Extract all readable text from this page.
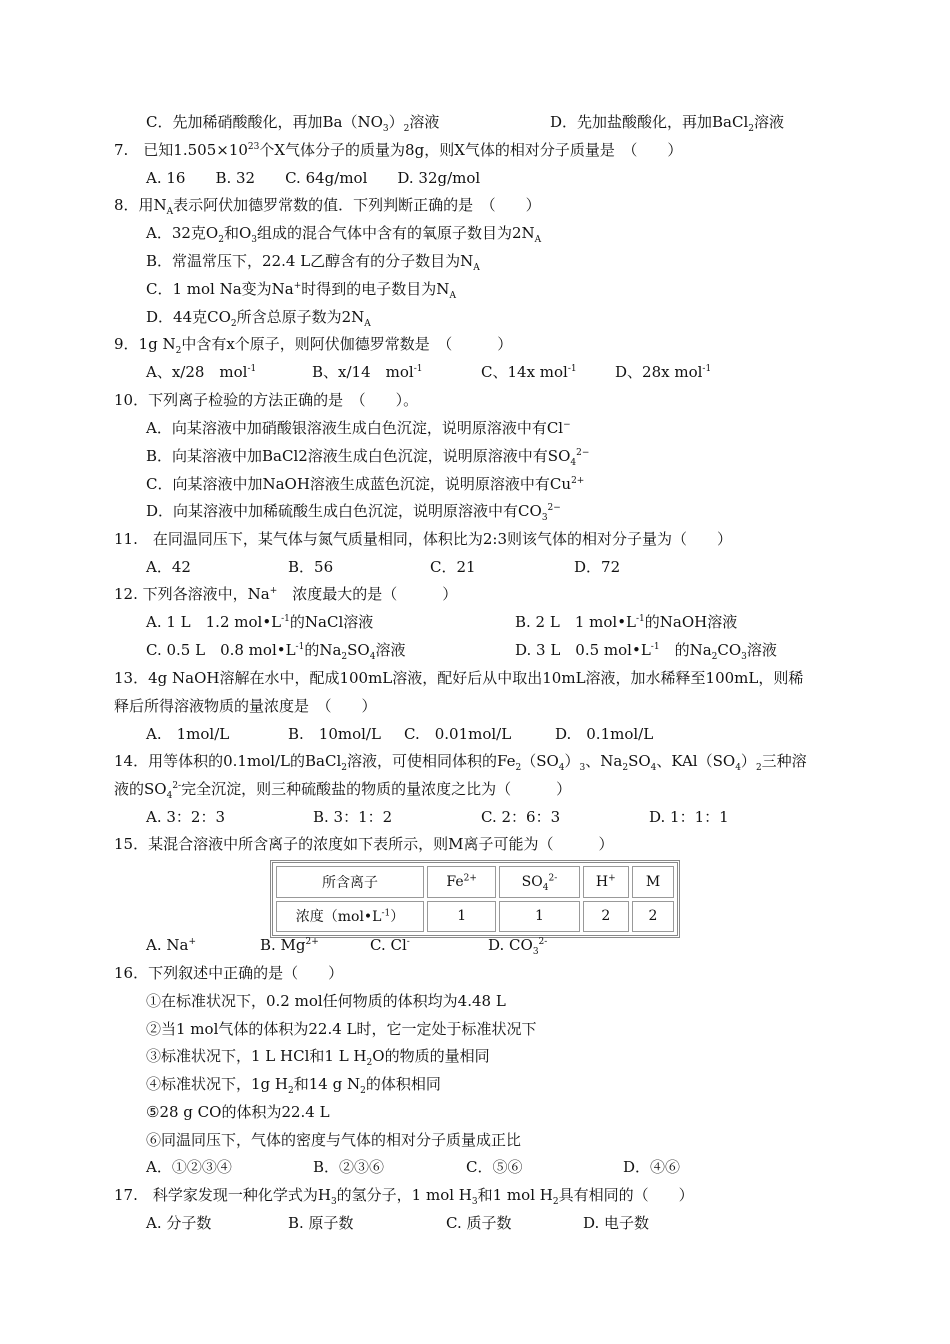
C．先加稀硝酸酸化，再加$Ba(NO_3)_2$溶液	D．先加盐酸酸化，再加BaCl$_2$溶液
7.　已知$1.505\times 10^{23}$个X气体分子的质量为8g，则X气体的相对分子质量是　（　　）
A. 16　　B. 32　　C. 64g/mol　　D. 32g/mol
8．用$N_A$表示阿伏加德罗常数的值．下列判断正确的是　（　　）
A．32克$O_2$和$O_3$组成的混合气体中含有的氧原子数目为$2N_A$
B．常温常压下，22.4 L乙醇含有的分子数目为$N_A$
C．1 mol Na变为Na+时得到的电子数目为$N_A$
D．44克$CO_2$所含总原子数为$2N_A$
9．1g $N_2$中含有x个原子，则阿伏伽德罗常数是　（　　　）
A、x/28　mol$^{-1}$	B、x/14　mol$^{-1}$	C、14x mol$^{-1}$	D、28x mol$^{-1}$
10．下列离子检验的方法正确的是　（　　）。
A．向某溶液中加硝酸银溶液生成白色沉淀，说明原溶液中有Cl−
B．向某溶液中加BaCl2溶液生成白色沉淀，说明原溶液中有$SO_4^{2-}$
C．向某溶液中加NaOH溶液生成蓝色沉淀，说明原溶液中有$Cu^{2+}$
D．向某溶液中加稀硫酸生成白色沉淀，说明原溶液中有$CO_3^{2-}$
11.　在同温同压下，某气体与氮气质量相同，体积比为2:3则该气体的相对分子量为（　　）
A．42	B．56	C．21	D．72
12. 下列各溶液中，Na+　浓度最大的是（　　　）
A. 1 L　1.2 $mol•L^{-1}$的NaCl溶液	B. 2 L　1 $mol•L^{-1}$的NaOH溶液
C. 0.5 L　0.8 $mol•L^{-1}$的$Na_2SO_4$溶液	D. 3 L　0.5 $mol•L^{-1}$　的$Na_2CO_3$溶液
13．4g NaOH溶解在水中，配成100mL溶液，配好后从中取出10mL溶液，加水稀释至100mL，则稀
释后所得溶液物质的量浓度是　（　　）
A.　1mol/L	B.　10mol/L C.　0.01mol/L	D.　0.1mol/L
14．用等体积的0.1mol/L的BaCl$_2$溶液，可使相同体积的$Fe_2(SO_4)_3$、$Na_2SO_4$、$KAl(SO_4)_2$三种溶
液的$SO_4^{2-}$完全沉淀，则三种硫酸盐的物质的量浓度之比为（　　　）
A. 3：2：3	B. 3：1：2	C. 2：6：3	D. 1：1：1
15．某混合溶液中所含离子的浓度如下表所示，则M离子可能为（　　　）
所含离子	$Fe^{2+}$	$SO_4^{2-}$	H+	M
浓度$(mol•L^{-1})$	1	1	2	2
A. Na+	B. $Mg^{2+}$	C. Cl-	D. $CO_3^{2-}$
16．下列叙述中正确的是（　　）
①在标准状况下，0.2 mol任何物质的体积均为4.48 L
②当1 mol气体的体积为22.4 L时，它一定处于标准状况下
③标准状况下，1 L HCl和1 L $H_2O$的物质的量相同
④标准状况下，1g $H_2$和14 g $N_2$的体积相同
⑤28 g CO的体积为22.4 L
⑥同温同压下，气体的密度与气体的相对分子质量成正比
A．①②③④	B．②③⑥	C．⑤⑥	D．④⑥
17.　科学家发现一种化学式为$H_3$的氢分子，1 mol $H_3$和1 mol $H_2$具有相同的（　　）
A. 分子数	B. 原子数	C. 质子数	D. 电子数
